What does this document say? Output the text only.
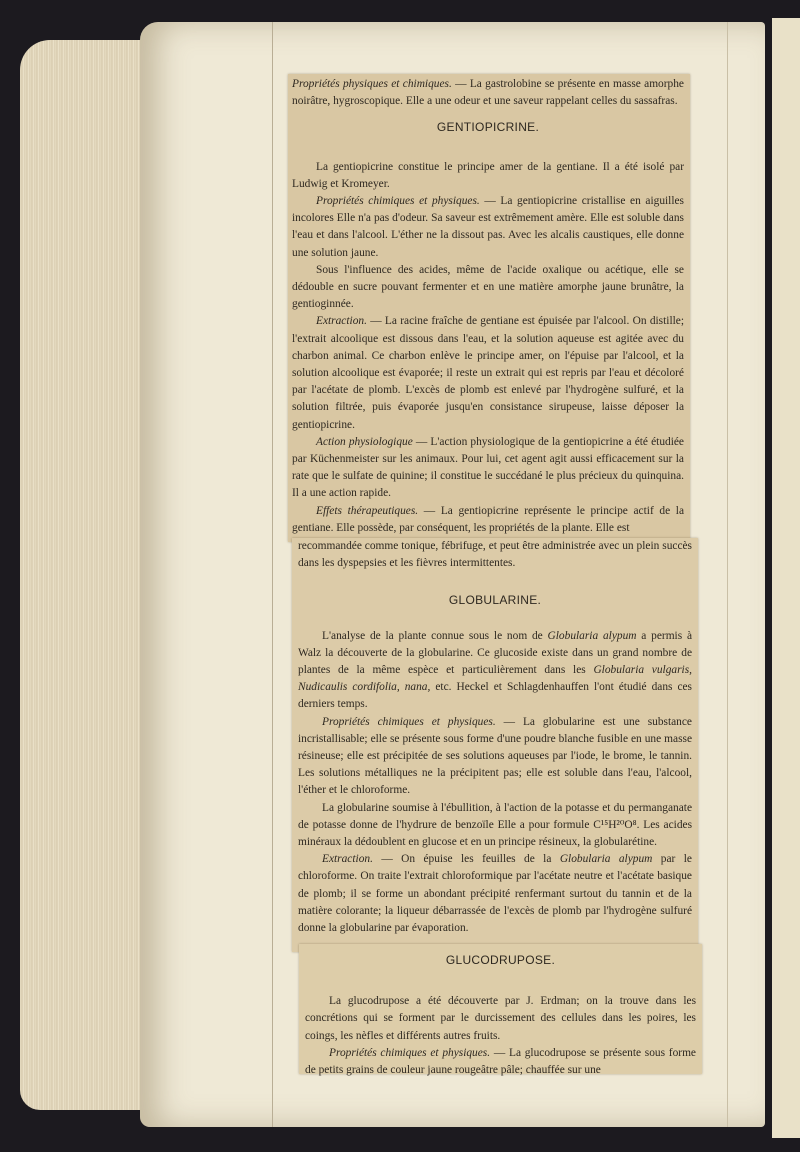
Propriétés physiques et chimiques. — La gastrolobine se présente en masse amorphe noirâtre, hygroscopique. Elle a une odeur et une saveur rappelant celles du sassafras.

GENTIOPICRINE.

La gentiopicrine constitue le principe amer de la gentiane. Il a été isolé par Ludwig et Kromeyer.

Propriétés chimiques et physiques. — La gentiopicrine cristallise en aiguilles incolores Elle n'a pas d'odeur. Sa saveur est extrêmement amère. Elle est soluble dans l'eau et dans l'alcool. L'éther ne la dissout pas. Avec les alcalis caustiques, elle donne une solution jaune.

Sous l'influence des acides, même de l'acide oxalique ou acétique, elle se dédouble en sucre pouvant fermenter et en une matière amorphe jaune brunâtre, la gentioginnée.

Extraction. — La racine fraîche de gentiane est épuisée par l'alcool. On distille; l'extrait alcoolique est dissous dans l'eau, et la solution aqueuse est agitée avec du charbon animal. Ce charbon enlève le principe amer, on l'épuise par l'alcool, et la solution alcoolique est évaporée; il reste un extrait qui est repris par l'eau et décoloré par l'acétate de plomb. L'excès de plomb est enlevé par l'hydrogène sulfuré, et la solution filtrée, puis évaporée jusqu'en consistance sirupeuse, laisse déposer la gentiopicrine.

Action physiologique — L'action physiologique de la gentiopicrine a été étudiée par Küchenmeister sur les animaux. Pour lui, cet agent agit aussi efficacement sur la rate que le sulfate de quinine; il constitue le succédané le plus précieux du quinquina. Il a une action rapide.

Effets thérapeutiques. — La gentiopicrine représente le principe actif de la gentiane. Elle possède, par conséquent, les propriétés de la plante. Elle est

recommandée comme tonique, fébrifuge, et peut être administrée avec un plein succès dans les dyspepsies et les fièvres intermittentes.

GLOBULARINE.

L'analyse de la plante connue sous le nom de Globularia alypum a permis à Walz la découverte de la globularine. Ce glucoside existe dans un grand nombre de plantes de la même espèce et particulièrement dans les Globularia vulgaris, Nudicaulis cordifolia, nana, etc. Heckel et Schlagdenhauffen l'ont étudié dans ces derniers temps.

Propriétés chimiques et physiques. — La globularine est une substance incristallisable; elle se présente sous forme d'une poudre blanche fusible en une masse résineuse; elle est précipitée de ses solutions aqueuses par l'iode, le brome, le tannin. Les solutions métalliques ne la précipitent pas; elle est soluble dans l'eau, l'alcool, l'éther et le chloroforme.

La globularine soumise à l'ébullition, à l'action de la potasse et du permanganate de potasse donne de l'hydrure de benzoïle Elle a pour formule C¹⁵H²⁰O⁸. Les acides minéraux la dédoublent en glucose et en un principe résineux, la globularétine.

Extraction. — On épuise les feuilles de la Globularia alypum par le chloroforme. On traite l'extrait chloroformique par l'acétate neutre et l'acétate basique de plomb; il se forme un abondant précipité renfermant surtout du tannin et de la matière colorante; la liqueur débarrassée de l'excès de plomb par l'hydrogène sulfuré donne la globularine par évaporation.

GLUCODRUPOSE.

La glucodrupose a été découverte par J. Erdman; on la trouve dans les concrétions qui se forment par le durcissement des cellules dans les poires, les coings, les nèfles et différents autres fruits.

Propriétés chimiques et physiques. — La glucodrupose se présente sous forme de petits grains de couleur jaune rougeâtre pâle; chauffée sur une
